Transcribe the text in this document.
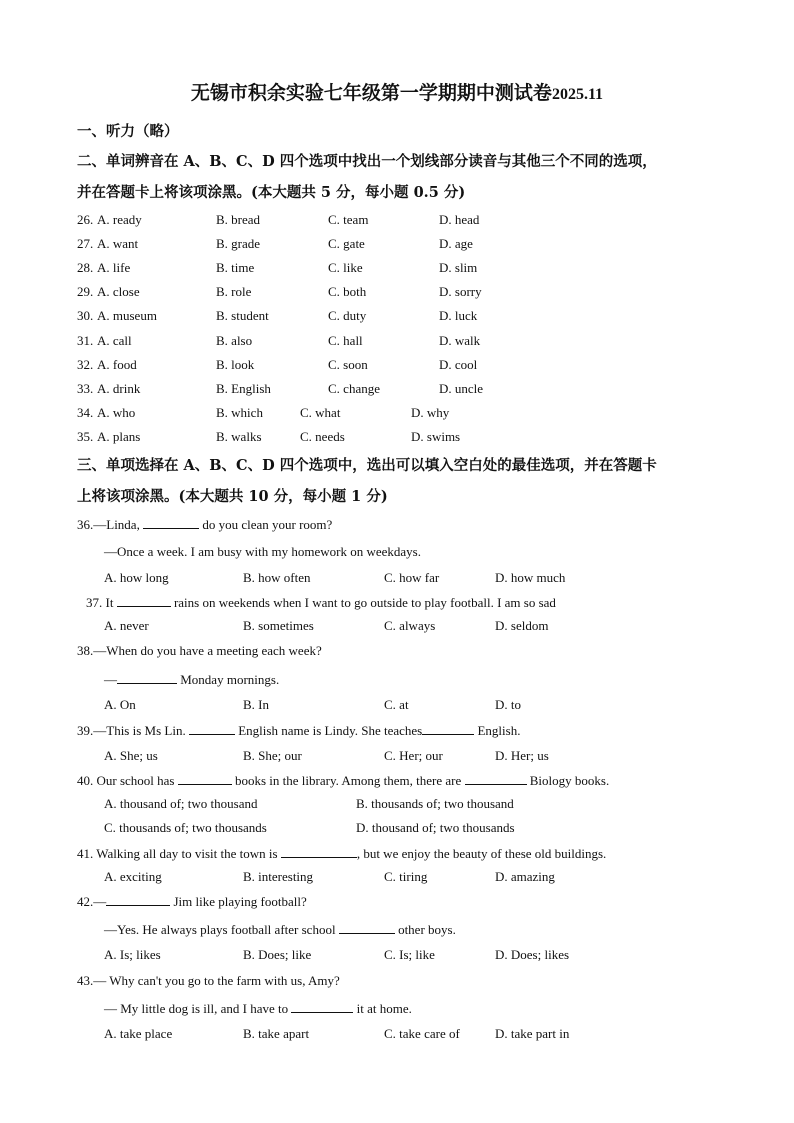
无锡市积余实验七年级第一学期期中测试卷2025.11
一、听力（略）
二、单词辨音在 A、B、C、D 四个选项中找出一个划线部分读音与其他三个不同的选项，
并在答题卡上将该项涂黑。(本大题共 5 分，每小题 0.5 分)
26. A. ready	B. bread	C. team	D. head
27. A. want	B. grade	C. gate	D. age
28. A. life	B. time	C. like	D. slim
29. A. close	B. role	C. both	D. sorry
30. A. museum	B. student	C. duty	D. luck
31. A. call	B. also	C. hall	D. walk
32. A. food	B. look	C. soon	D. cool
33. A. drink	B. English	C. change	D. uncle
34. A. who	B. which	C. what	D. why
35. A. plans	B. walks	C. needs	D. swims
三、单项选择在 A、B、C、D 四个选项中，选出可以填入空白处的最佳选项，并在答题卡
上将该项涂黑。(本大题共 10 分，每小题 1 分)
36.—Linda,	do you clean your room?
—Once a week. I am busy with my homework on weekdays.
A. how long	B. how often	C. how far	D. how much
37. It	rains on weekends when I want to go outside to play football. I am so sad
A. never	B. sometimes	C. always	D. seldom
38.—When do you have a meeting each week?
—	Monday mornings.
A. On	B. In	C. at	D. to
39.—This is Ms Lin.	English name is Lindy. She teaches	English.
A. She; us	B. She; our	C. Her; our	D. Her; us
40. Our school has	books in the library. Among them, there are	Biology books.
A. thousand of; two thousand	B. thousands of; two thousand
C. thousands of; two thousands	D. thousand of; two thousands
41. Walking all day to visit the town is	, but we enjoy the beauty of these old buildings.
A. exciting	B. interesting	C. tiring	D. amazing
42.—	Jim like playing football?
—Yes. He always plays football after school	other boys.
A. Is; likes	B. Does; like	C. Is; like	D. Does; likes
43.— Why can't you go to the farm with us, Amy?
— My little dog is ill, and I have to	it at home.
A. take place	B. take apart	C. take care of	D. take part in
